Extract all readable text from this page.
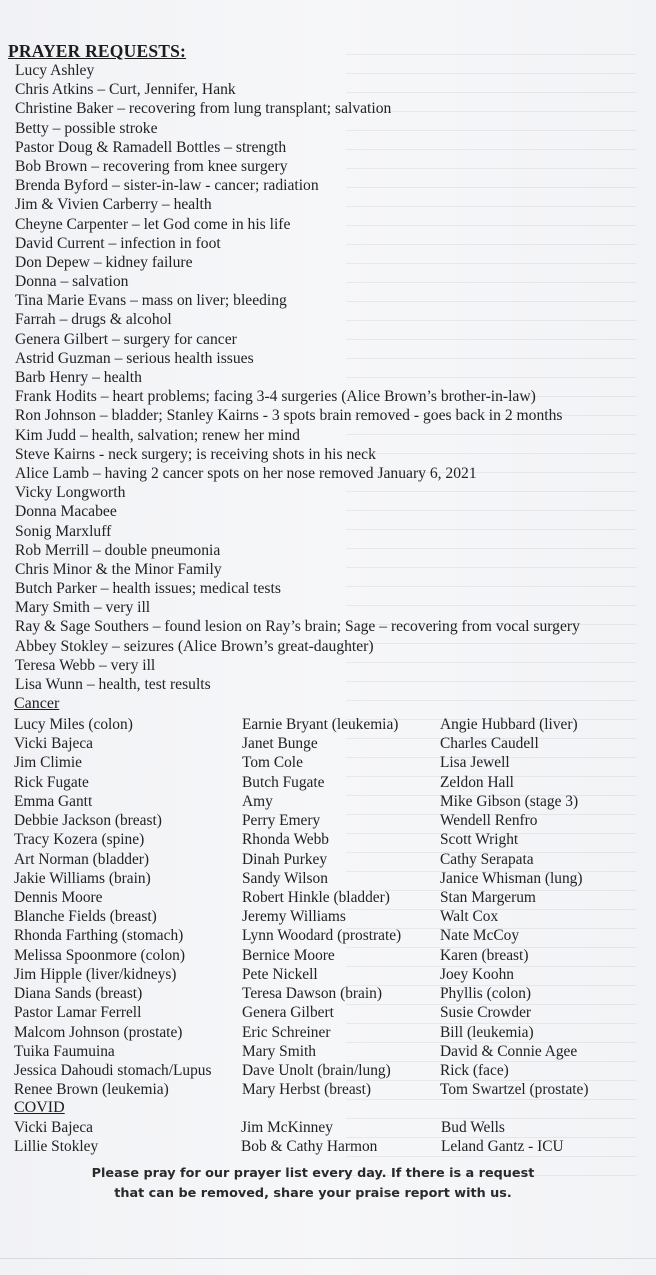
PRAYER REQUESTS:
Lucy Ashley
Chris Atkins – Curt, Jennifer, Hank
Christine Baker – recovering from lung transplant; salvation
Betty – possible stroke
Pastor Doug & Ramadell Bottles – strength
Bob Brown – recovering from knee surgery
Brenda Byford – sister-in-law - cancer; radiation
Jim & Vivien Carberry – health
Cheyne Carpenter – let God come in his life
David Current – infection in foot
Don Depew – kidney failure
Donna – salvation
Tina Marie Evans – mass on liver; bleeding
Farrah – drugs & alcohol
Genera Gilbert – surgery for cancer
Astrid Guzman – serious health issues
Barb Henry – health
Frank Hodits – heart problems; facing 3-4 surgeries (Alice Brown’s brother-in-law)
Ron Johnson – bladder; Stanley Kairns - 3 spots brain removed - goes back in 2 months
Kim Judd – health, salvation; renew her mind
Steve Kairns - neck surgery; is receiving shots in his neck
Alice Lamb – having 2 cancer spots on her nose removed January 6, 2021
Vicky Longworth
Donna Macabee
Sonig Marxluff
Rob Merrill – double pneumonia
Chris Minor & the Minor Family
Butch Parker – health issues; medical tests
Mary Smith – very ill
Ray & Sage Southers – found lesion on Ray’s brain; Sage – recovering from vocal surgery
Abbey Stokley – seizures (Alice Brown’s great-daughter)
Teresa Webb – very ill
Lisa Wunn – health, test results
Cancer
Lucy Miles (colon)
Vicki Bajeca
Jim Climie
Rick Fugate
Emma Gantt
Debbie Jackson (breast)
Tracy Kozera (spine)
Art Norman (bladder)
Jakie Williams (brain)
Dennis Moore
Blanche Fields (breast)
Rhonda Farthing (stomach)
Melissa Spoonmore (colon)
Jim Hipple (liver/kidneys)
Diana Sands (breast)
Pastor Lamar Ferrell
Malcom Johnson (prostate)
Tuika Faumuina
Jessica Dahoudi stomach/Lupus
Renee Brown (leukemia)
Earnie Bryant (leukemia)
Janet Bunge
Tom Cole
Butch Fugate
Amy
Perry Emery
Rhonda Webb
Dinah Purkey
Sandy Wilson
Robert Hinkle (bladder)
Jeremy Williams
Lynn Woodard (prostrate)
Bernice Moore
Pete Nickell
Teresa Dawson (brain)
Genera Gilbert
Eric Schreiner
Mary Smith
Dave Unolt (brain/lung)
Mary Herbst (breast)
Angie Hubbard (liver)
Charles Caudell
Lisa Jewell
Zeldon Hall
Mike Gibson (stage 3)
Wendell Renfro
Scott Wright
Cathy Serapata
Janice Whisman (lung)
Stan Margerum
Walt Cox
Nate McCoy
Karen (breast)
Joey Koohn
Phyllis (colon)
Susie Crowder
Bill (leukemia)
David & Connie Agee
Rick (face)
Tom Swartzel (prostate)
COVID
Vicki Bajeca
Lillie Stokley
Jim McKinney
Bob & Cathy Harmon
Bud Wells
Leland Gantz - ICU
Please pray for our prayer list every day. If there is a request
that can be removed, share your praise report with us.
